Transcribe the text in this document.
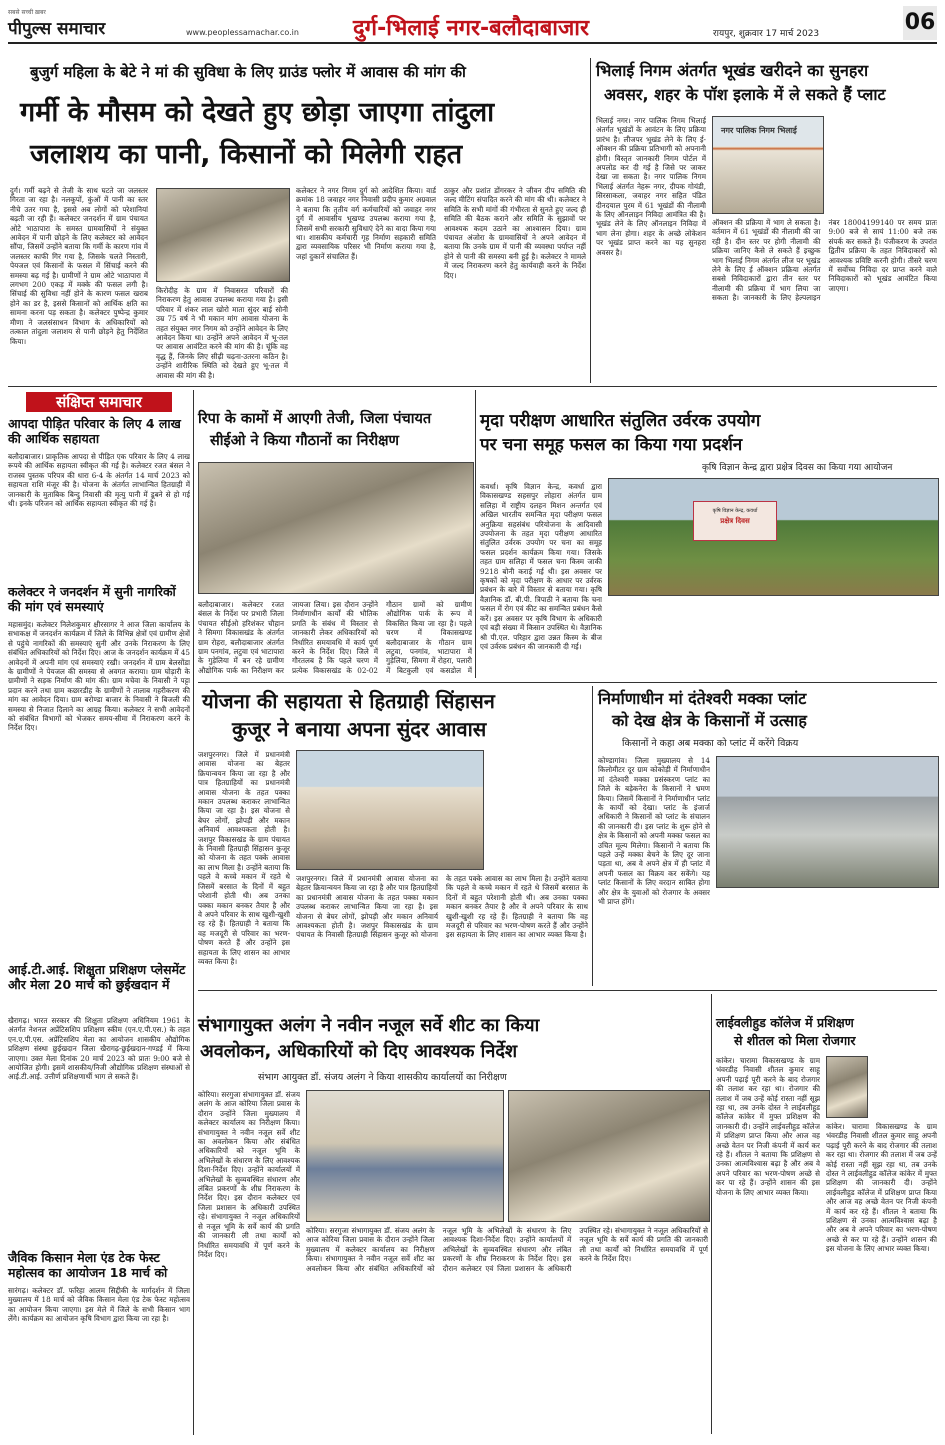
सबसे सच्ची ख़बर
पीपुल्स समाचार	www.peoplessamachar.co.in दुर्ग-भिलाई नगर-बलौदाबाजार	रायपुर, शुक्रवार 17 मार्च 2023	06
बुजुर्ग महिला के बेटे ने मां की सुविधा के लिए ग्राउंड फ्लोर में आवास की मांग की
गर्मी के मौसम को देखते हुए छोड़ा जाएगा तांदुला
जलाशय का पानी, किसानों को मिलेगी राहत
दुर्ग। गर्मी बढ़ने से तेजी के साथ घटते जा जलस्तर गिरता जा रहा है। नलकूपों, कुंओं में पानी का स्तर नीचे उतर गया है, इससे अब लोगों को परेशानियां बढ़ती जा रही हैं। कलेक्टर जनदर्शन में ग्राम पंचायत ओटे भाठापारा के समस्त ग्रामवासियों ने संयुक्त आवेदन में पानी छोड़ने के लिए कलेक्टर को आवेदन सौंपा, जिसमें उन्होंने बताया कि गर्मी के कारण गांव में जलस्तर काफी गिर गया है, जिसके चलते निस्तारी, पेयजल एवं किसानों के फसल में सिंचाई करने की समस्या बढ़ गई है। ग्रामीणों ने ग्राम ओटे भाठापारा में लगभग 200 एकड़ में मक्के की फसल लगी है। सिंचाई की सुविधा नहीं होने के कारण फसल खराब होने का डर है, इससे किसानों को आर्थिक क्षति का सामना करना पड़ सकता है। कलेक्टर पुष्पेन्द्र कुमार मीणा ने जलसंसाधन विभाग के अधिकारियों को तत्काल तांदुला जलाशय से पानी छोड़ने हेतु निर्देशित किया।
किरोदीह के ग्राम में निवासरत परिवारों की निराकरण हेतु आवास उपलब्ध कराया गया है। इसी परिवार में शंकर लाल खोरो माता सुंदर बाई सोनी उम्र 75 वर्ष ने भी मकान मांग आवास योजना के तहत संयुक्त नगर निगम को उन्होंने आवेदन के लिए आवेदन किया था। उन्होंने अपने आवेदन में भू-तल पर आवास आवंटित करने की मांग की है। चूंकि वह वृद्ध हैं, जिनके लिए सीढ़ी चढ़ना-उतरना कठिन है। उन्होंने शारीरिक स्थिति को देखते हुए भू-तल में आवास की मांग की है।
कलेक्टर ने नगर निगम दुर्ग को आदेशित किया। वार्ड क्रमांक 18 जवाहर नगर निवासी प्रदीप कुमार अग्रवाल ने बताया कि तृतीय वर्ग कर्मचारियों को जवाहर नगर दुर्ग में आवासीय भूखण्ड उपलब्ध कराया गया है, जिसमें सभी सरकारी सुविधाएं देने का वादा किया गया था। शासकीय कर्मचारी गृह निर्माण सहकारी समिति द्वारा व्यवसायिक परिसर भी निर्माण कराया गया है, जहां दुकानें संचालित हैं।
ठाकुर और प्रशांत डोंगरकर ने जीवन दीप समिति की जल्द मीटिंग संपादित करने की मांग की थी। कलेक्टर ने समिति के सभी मांगों की गंभीरता से सुनते हुए जल्द ही समिति की बैठक कराने और समिति के सुझावों पर आवश्यक कदम उठाने का आश्वासन दिया। ग्राम पंचायत अंजोरा के ग्रामवासियों ने अपने आवेदन में बताया कि उनके ग्राम में पानी की व्यवस्था पर्याप्त नहीं होने से पानी की समस्या बनी हुई है। कलेक्टर ने मामले में जल्द निराकरण करने हेतु कार्यवाही करने के निर्देश दिए।
भिलाई निगम अंतर्गत भूखंड खरीदने का सुनहरा
अवसर, शहर के पॉश इलाके में ले सकते हैं प्लाट
भिलाई नगर। नगर पालिक निगम भिलाई अंतर्गत भूखंडों के आवंटन के लिए प्रक्रिया प्रारंभ है। लीजपर भूखंड लेने के लिए ई-ऑक्शन की प्रक्रिया प्रतिभागी को अपनानी होगी। विस्तृत जानकारी निगम पोर्टल में अपलोड कर दी गई है जिसे पर जाकर देखा जा सकता है। नगर पालिक निगम भिलाई अंतर्गत नेहरू नगर, दीपक गोयंडी, सिरसाकला, जवाहर नगर सहित पंडित दीनदयाल पुरम में 61 भूखंडों की नीलामी के लिए ऑनलाइन निविदा आमंत्रित की है। भूखंड लेने के लिए ऑनलाइन निविदा में भाग लेना होगा। शहर के अच्छे लोकेशन पर भूखंड प्राप्त करने का यह सुनहरा अवसर है।
नगर पालिक निगम भिलाई
ऑक्शन की प्रक्रिया में भाग ले सकता है। वर्तमान में 61 भूखंडों की नीलामी की जा रही है। दीन स्तर पर होगी नीलामी की प्रक्रिया जानिए कैसे ले सकते हैं इच्छुक भाग भिलाई निगम अंतर्गत लीज पर भूखंड लेने के लिए ई ऑक्शन प्रक्रिया अंतर्गत सबसे निविदाकारों द्वारा तीन स्तर पर नीलामी की प्रक्रिया में भाग लिया जा सकता है। जानकारी के लिए हेल्पलाइन नंबर 18004199140 पर समय प्रातः 9:00 बजे से सायं 11:00 बजे तक संपर्क कर सकते हैं। पंजीकरण के उपरांत द्वितीय प्रक्रिया के तहत निविदाकारों को आवश्यक प्रविष्टि करनी होगी। तीसरे चरण में सर्वोच्च निविदा दर प्राप्त करने वाले निविदाकारों को भूखंड आवंटित किया जाएगा।
संक्षिप्त समाचार
आपदा पीड़ित परिवार के लिए 4 लाख की आर्थिक सहायता
बलौदाबाजार। प्राकृतिक आपदा से पीड़ित एक परिवार के लिए 4 लाख रूपये की आर्थिक सहायता स्वीकृत की गई है। कलेक्टर रजत बंसल ने राजस्व पुस्तक परिपत्र की धारा 6-4 के अंतर्गत 14 मार्च 2023 को सहायता राशि मंजूर की है। योजना के अंतर्गत लाभान्वित हितग्राही में जानकारी के मुताबिक बिन्दु निवासी की मृत्यु पानी में डूबने से हो गई थी। इनके परिजन को आर्थिक सहायता स्वीकृत की गई है।
कलेक्टर ने जनदर्शन में सुनी नागरिकों की मांग एवं समस्याएं
महासमुंद। कलेक्टर निलेशकुमार क्षीरसागर ने आज जिला कार्यालय के सभाकक्ष में जनदर्शन कार्यक्रम में जिले के विभिन्न क्षेत्रों एवं ग्रामीण क्षेत्रों से पहुंचे नागरिकों की समस्याएं सुनी और उनके निराकरण के लिए संबंधित अधिकारियों को निर्देश दिए। आज के जनदर्शन कार्यक्रम में 45 आवेदनों में अपनी मांग एवं समस्याएं रखी। जनदर्शन में ग्राम बेलसोंडा के ग्रामीणों ने पेयजल की समस्या से अवगत कराया। ग्राम घोड़ारी के ग्रामीणों ने सड़क निर्माण की मांग की। ग्राम मचेवा के निवासी ने पट्टा प्रदान करने तथा ग्राम कछारडीह के ग्रामीणों ने तालाब गहरीकरण की मांग का आवेदन दिया। ग्राम बरोण्डा बाजार के निवासी ने बिजली की समस्या से निजात दिलाने का आग्रह किया। कलेक्टर ने सभी आवेदनों को संबंधित विभागों को भेजकर समय-सीमा में निराकरण करने के निर्देश दिए।
आई.टी.आई. शिक्षुता प्रशिक्षण प्लेसमेंट और मेला 20 मार्च को छुईखदान में
खैरागढ़। भारत सरकार की शिक्षुता प्रशिक्षण अधिनियम 1961 के अंतर्गत नेशनल अप्रेंटिसशिप प्रशिक्षण स्कीम (एन.ए.पी.एस.) के तहत एन.ए.पी.एस. अप्रेंटिसशिप मेला का आयोजन शासकीय औद्योगिक प्रशिक्षण संस्था छुईखदान जिला खैरागढ़-छुईखदान-गण्डई में किया जाएगा। उक्त मेला दिनांक 20 मार्च 2023 को प्रातः 9:00 बजे से आयोजित होगी। इसमें शासकीय/निजी औद्योगिक प्रशिक्षण संस्थाओं से आई.टी.आई. उत्तीर्ण प्रशिक्षणार्थी भाग ले सकते हैं।
जैविक किसान मेला एंड टेक फेस्ट महोत्सव का आयोजन 18 मार्च को
सारंगढ़। कलेक्टर डॉ. फरिहा आलम सिद्दीकी के मार्गदर्शन में जिला मुख्यालय में 18 मार्च को जैविक किसान मेला एंड टेक फेस्ट महोत्सव का आयोजन किया जाएगा। इस मेले में जिले के सभी किसान भाग लेंगे। कार्यक्रम का आयोजन कृषि विभाग द्वारा किया जा रहा है।
रिपा के कामों में आएगी तेजी, जिला पंचायत
सीईओ ने किया गौठानों का निरीक्षण
बलौदाबाजार। कलेक्टर रजत बंसल के निर्देश पर प्रभारी जिला पंचायत सीईओ हरिशंकर चौहान ने सिमगा विकासखंड के अंतर्गत ग्राम रोहरा, बलौदाबाजार अंतर्गत ग्राम पनगांव, लटुवा एवं भाटापारा के गुड़ेलिया में बन रहे ग्रामीण औद्योगिक पार्क का निरीक्षण कर जायजा लिया। इस दौरान उन्होंने निर्माणाधीन कार्यों की भौतिक प्रगति के संबंध में विस्तार से जानकारी लेकर अधिकारियों को निर्धारित समयावधि में कार्य पूर्ण करने के निर्देश दिए। जिले में गौरतलब है कि पहले चरण में प्रत्येक विकासखंड के 02-02 गौठान ग्रामों को ग्रामीण औद्योगिक पार्क के रूप में विकसित किया जा रहा है। पहले चरण में विकासखण्ड बलौदाबाजार के गौठान ग्राम लटुवा, पनगांव, भाटापारा में गुड़ेलिया, सिमगा में रोहरा, पलारी में बिटकुली एवं कसडोल में
मृदा परीक्षण आधारित संतुलित उर्वरक उपयोग
पर चना समूह फसल का किया गया प्रदर्शन
कृषि विज्ञान केन्द्र द्वारा प्रक्षेत्र दिवस का किया गया आयोजन
कवर्धा। कृषि विज्ञान केन्द्र, कवर्धा द्वारा विकासखण्ड सहसपुर लोहारा अंतर्गत ग्राम सलिहा में राष्ट्रीय दलहन मिशन अन्तर्गत एवं अखिल भारतीय समन्वित मृदा परीक्षण फसल अनुक्रिया सहसंबंध परियोजना के आदिवासी उपयोजना के तहत मृदा परीक्षण आधारित संतुलित उर्वरक उपयोग पर चना का समूह फसल प्रदर्शन कार्यक्रम किया गया। जिसके तहत ग्राम सलिहा में फसल चना किस्म जाकी 9218 बोनी कराई गई थी। इस अवसर पर कृषकों को मृदा परीक्षण के आधार पर उर्वरक प्रबंधन के बारे में विस्तार से बताया गया। कृषि वैज्ञानिक डॉ. बी.पी. त्रिपाठी ने बताया कि चना फसल में रोग एवं कीट का समन्वित प्रबंधन कैसे करें। इस अवसर पर कृषि विभाग के अधिकारी एवं बड़ी संख्या में किसान उपस्थित थे। वैज्ञानिक श्री पी.एल. परिहार द्वारा उन्नत किस्म के बीज एवं उर्वरक प्रबंधन की जानकारी दी गई।
कृषि विज्ञान केन्द्र, कवर्धा
प्रक्षेत्र दिवस
योजना की सहायता से हितग्राही सिंहासन
कुजूर ने बनाया अपना सुंदर आवास
जशपुरनगर। जिले में प्रधानमंत्री आवास योजना का बेहतर क्रियान्वयन किया जा रहा है और पात्र हितग्राहियों का प्रधानमंत्री आवास योजना के तहत पक्का मकान उपलब्ध कराकर लाभान्वित किया जा रहा है। इस योजना से बेघर लोगों, झोपड़ी और मकान अनिवार्य आवश्यकता होती है। जशपुर विकासखंड के ग्राम पंचायत के निवासी हितग्राही सिंहासन कुजूर को योजना के तहत पक्के आवास का लाभ मिला है। उन्होंने बताया कि पहले वे कच्चे मकान में रहते थे जिसमें बरसात के दिनों में बहुत परेशानी होती थी। अब उनका पक्का मकान बनकर तैयार है और वे अपने परिवार के साथ खुशी-खुशी रह रहे हैं। हितग्राही ने बताया कि वह मजदूरी से परिवार का भरण-पोषण करते हैं और उन्होंने इस सहायता के लिए शासन का आभार व्यक्त किया है।
जशपुरनगर। जिले में प्रधानमंत्री आवास योजना का बेहतर क्रियान्वयन किया जा रहा है और पात्र हितग्राहियों का प्रधानमंत्री आवास योजना के तहत पक्का मकान उपलब्ध कराकर लाभान्वित किया जा रहा है। इस योजना से बेघर लोगों, झोपड़ी और मकान अनिवार्य आवश्यकता होती है। जशपुर विकासखंड के ग्राम पंचायत के निवासी हितग्राही सिंहासन कुजूर को योजना के तहत पक्के आवास का लाभ मिला है। उन्होंने बताया कि पहले वे कच्चे मकान में रहते थे जिसमें बरसात के दिनों में बहुत परेशानी होती थी। अब उनका पक्का मकान बनकर तैयार है और वे अपने परिवार के साथ खुशी-खुशी रह रहे हैं। हितग्राही ने बताया कि वह मजदूरी से परिवार का भरण-पोषण करते हैं और उन्होंने इस सहायता के लिए शासन का आभार व्यक्त किया है।
निर्माणाधीन मां दंतेश्वरी मक्का प्लांट
को देख क्षेत्र के किसानों में उत्साह
किसानों ने कहा अब मक्का को प्लांट में करेंगे विक्रय
कोण्डागांव। जिला मुख्यालय से 14 किलोमीटर दूर ग्राम कोकोड़ी में निर्माणाधीन मां दंतेश्वरी मक्का प्रसंस्करण प्लांट का जिले के बड़ेकनेरा के किसानों ने भ्रमण किया। जिसमें किसानों ने निर्माणाधीन प्लांट के कार्यों को देखा। प्लांट के इंजार्ज अधिकारी ने किसानों को प्लांट के संचालन की जानकारी दी। इस प्लांट के शुरू होने से क्षेत्र के किसानों को अपनी मक्का फसल का उचित मूल्य मिलेगा। किसानों ने बताया कि पहले उन्हें मक्का बेचने के लिए दूर जाना पड़ता था, अब वे अपने क्षेत्र में ही प्लांट में अपनी फसल का विक्रय कर सकेंगे। यह प्लांट किसानों के लिए वरदान साबित होगा और क्षेत्र के युवाओं को रोजगार के अवसर भी प्राप्त होंगे।
संभागायुक्त अलंग ने नवीन नजूल सर्वे शीट का किया
अवलोकन, अधिकारियों को दिए आवश्यक निर्देश
संभाग आयुक्त डॉ. संजय अलंग ने किया शासकीय कार्यालयों का निरीक्षण
कोरिया। सरगुजा संभागायुक्त डॉ. संजय अलंग के आज कोरिया जिला प्रवास के दौरान उन्होंने जिला मुख्यालय में कलेक्टर कार्यालय का निरीक्षण किया। संभागायुक्त ने नवीन नजूल सर्वे शीट का अवलोकन किया और संबंधित अधिकारियों को नजूल भूमि के अभिलेखों के संधारण के लिए आवश्यक दिशा-निर्देश दिए। उन्होंने कार्यालयों में अभिलेखों के सुव्यवस्थित संधारण और लंबित प्रकरणों के शीघ्र निराकरण के निर्देश दिए। इस दौरान कलेक्टर एवं जिला प्रशासन के अधिकारी उपस्थित रहे। संभागायुक्त ने नजूल अधिकारियों से नजूल भूमि के सर्वे कार्य की प्रगति की जानकारी ली तथा कार्यों को निर्धारित समयावधि में पूर्ण करने के निर्देश दिए।
कोरिया। सरगुजा संभागायुक्त डॉ. संजय अलंग के आज कोरिया जिला प्रवास के दौरान उन्होंने जिला मुख्यालय में कलेक्टर कार्यालय का निरीक्षण किया। संभागायुक्त ने नवीन नजूल सर्वे शीट का अवलोकन किया और संबंधित अधिकारियों को नजूल भूमि के अभिलेखों के संधारण के लिए आवश्यक दिशा-निर्देश दिए। उन्होंने कार्यालयों में अभिलेखों के सुव्यवस्थित संधारण और लंबित प्रकरणों के शीघ्र निराकरण के निर्देश दिए। इस दौरान कलेक्टर एवं जिला प्रशासन के अधिकारी उपस्थित रहे। संभागायुक्त ने नजूल अधिकारियों से नजूल भूमि के सर्वे कार्य की प्रगति की जानकारी ली तथा कार्यों को निर्धारित समयावधि में पूर्ण करने के निर्देश दिए।
लाईवलीहुड कॉलेज में प्रशिक्षण
से शीतल को मिला रोजगार
कांकेर। चारामा विकासखण्ड के ग्राम भंवरडीह निवासी शीतल कुमार साहू अपनी पढ़ाई पूरी करने के बाद रोजगार की तलाश कर रहा था। रोजगार की तलाश में जब उन्हें कोई रास्ता नहीं सूझ रहा था, तब उनके दोस्त ने लाईवलीहुड कॉलेज कांकेर में मुफ्त प्रशिक्षण की जानकारी दी। उन्होंने लाईवलीहुड कॉलेज में प्रशिक्षण प्राप्त किया और आज वह अच्छे वेतन पर निजी कंपनी में कार्य कर रहे हैं। शीतल ने बताया कि प्रशिक्षण से उनका आत्मविश्वास बढ़ा है और अब वे अपने परिवार का भरण-पोषण अच्छे से कर पा रहे हैं। उन्होंने शासन की इस योजना के लिए आभार व्यक्त किया।
कांकेर। चारामा विकासखण्ड के ग्राम भंवरडीह निवासी शीतल कुमार साहू अपनी पढ़ाई पूरी करने के बाद रोजगार की तलाश कर रहा था। रोजगार की तलाश में जब उन्हें कोई रास्ता नहीं सूझ रहा था, तब उनके दोस्त ने लाईवलीहुड कॉलेज कांकेर में मुफ्त प्रशिक्षण की जानकारी दी। उन्होंने लाईवलीहुड कॉलेज में प्रशिक्षण प्राप्त किया और आज वह अच्छे वेतन पर निजी कंपनी में कार्य कर रहे हैं। शीतल ने बताया कि प्रशिक्षण से उनका आत्मविश्वास बढ़ा है और अब वे अपने परिवार का भरण-पोषण अच्छे से कर पा रहे हैं। उन्होंने शासन की इस योजना के लिए आभार व्यक्त किया।
